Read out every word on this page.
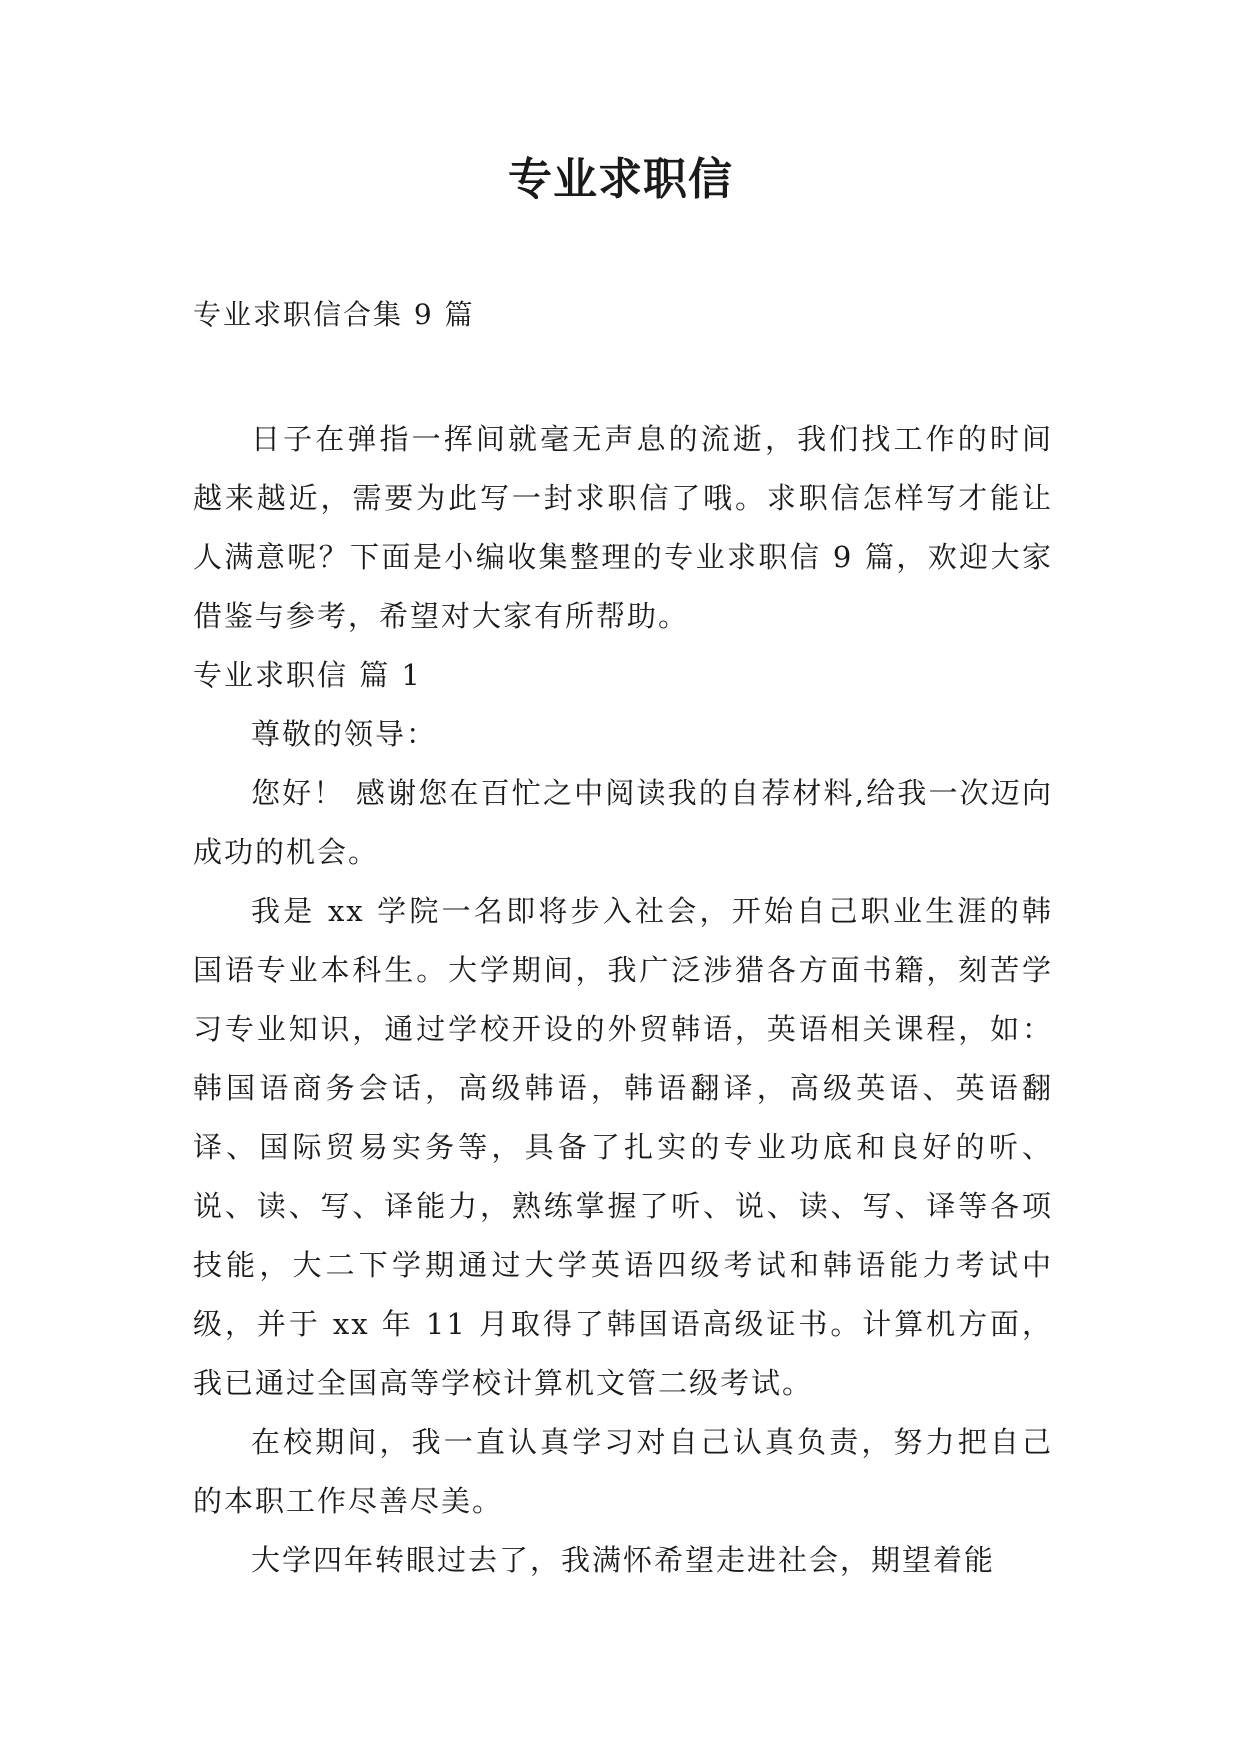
专业求职信
专业求职信合集 9 篇

日子在弹指一挥间就毫无声息的流逝，我们找工作的时间越来越近，需要为此写一封求职信了哦。求职信怎样写才能让人满意呢？下面是小编收集整理的专业求职信 9 篇，欢迎大家借鉴与参考，希望对大家有所帮助。

专业求职信 篇 1

尊敬的领导：

您好！ 感谢您在百忙之中阅读我的自荐材料,给我一次迈向成功的机会。

我是 xx 学院一名即将步入社会，开始自己职业生涯的韩国语专业本科生。大学期间，我广泛涉猎各方面书籍，刻苦学习专业知识，通过学校开设的外贸韩语，英语相关课程，如：韩国语商务会话，高级韩语，韩语翻译，高级英语、英语翻译、国际贸易实务等，具备了扎实的专业功底和良好的听、说、读、写、译能力，熟练掌握了听、说、读、写、译等各项技能，大二下学期通过大学英语四级考试和韩语能力考试中级，并于 xx 年 11 月取得了韩国语高级证书。计算机方面，我已通过全国高等学校计算机文管二级考试。

在校期间，我一直认真学习对自己认真负责，努力把自己的本职工作尽善尽美。

大学四年转眼过去了，我满怀希望走进社会，期望着能
